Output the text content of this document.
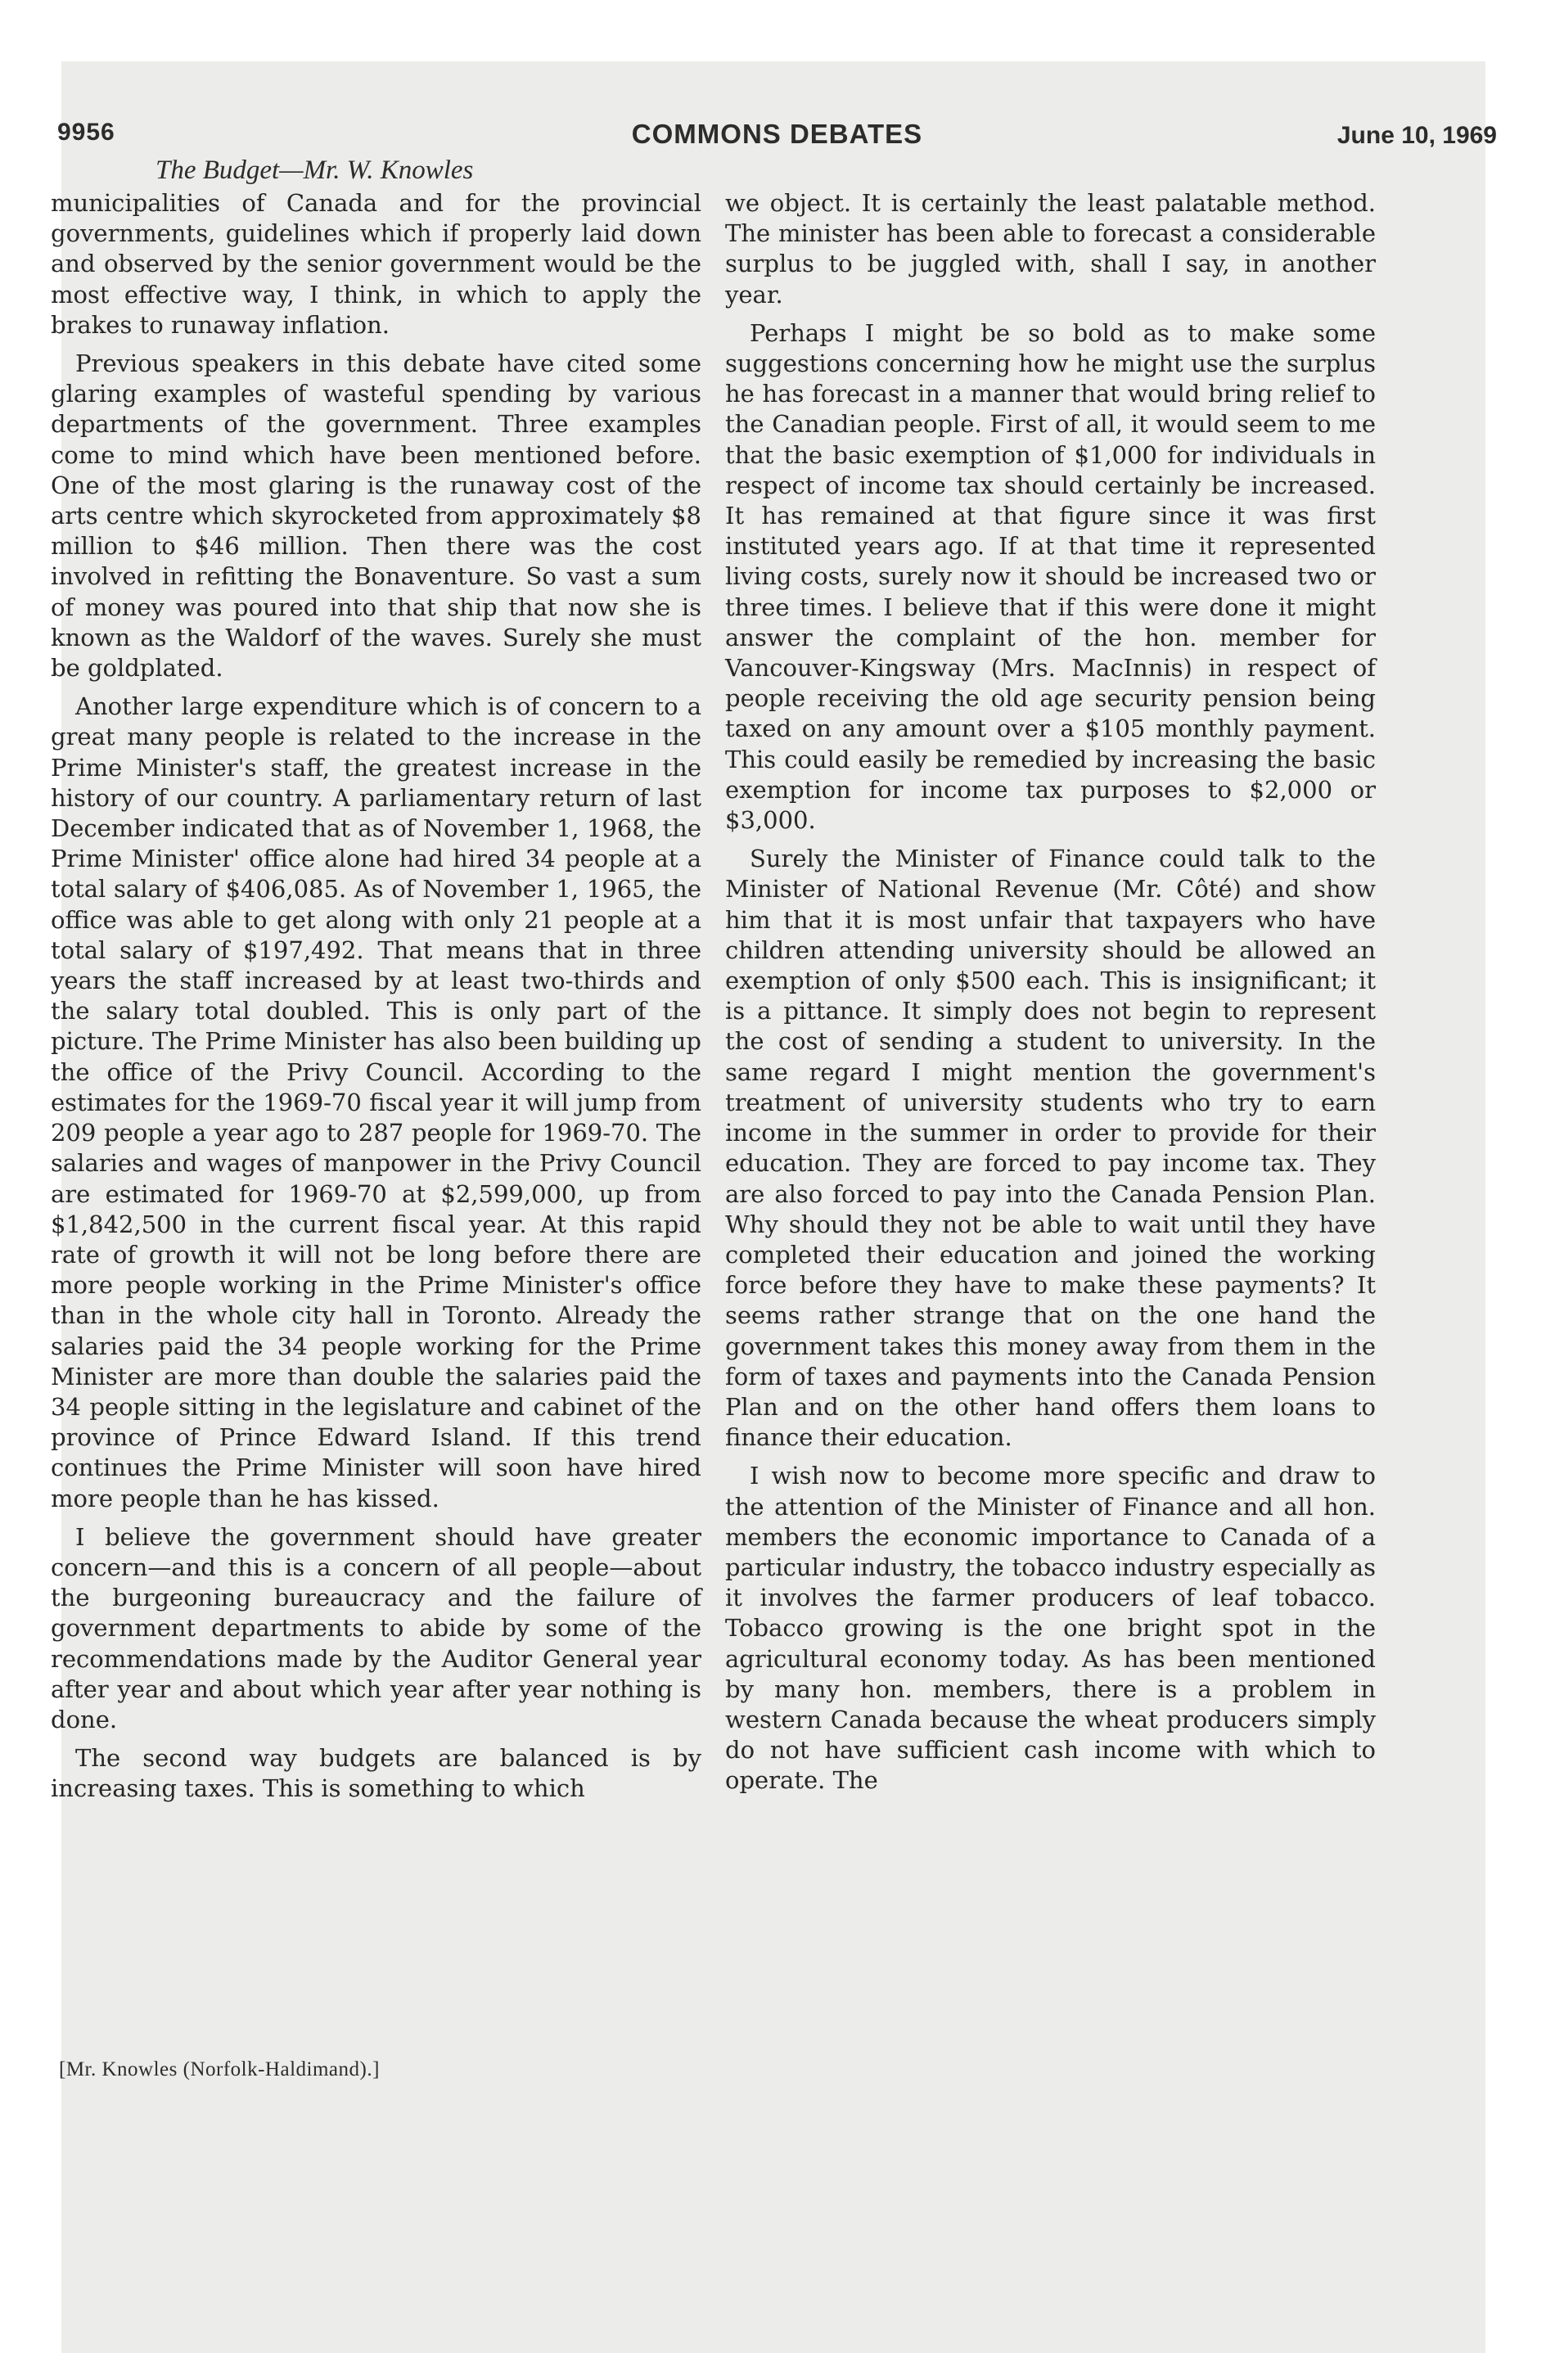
9956	COMMONS DEBATES	June 10, 1969
The Budget—Mr. W. Knowles

municipalities of Canada and for the provincial governments, guidelines which if properly laid down and observed by the senior government would be the most effective way, I think, in which to apply the brakes to runaway inflation.

Previous speakers in this debate have cited some glaring examples of wasteful spending by various departments of the government. Three examples come to mind which have been mentioned before. One of the most glaring is the runaway cost of the arts centre which skyrocketed from approximately $8 million to $46 million. Then there was the cost involved in refitting the Bonaventure. So vast a sum of money was poured into that ship that now she is known as the Waldorf of the waves. Surely she must be goldplated.

Another large expenditure which is of concern to a great many people is related to the increase in the Prime Minister's staff, the greatest increase in the history of our country. A parliamentary return of last December indicated that as of November 1, 1968, the Prime Minister' office alone had hired 34 people at a total salary of $406,085. As of November 1, 1965, the office was able to get along with only 21 people at a total salary of $197,492. That means that in three years the staff increased by at least two-thirds and the salary total doubled. This is only part of the picture. The Prime Minister has also been building up the office of the Privy Council. According to the estimates for the 1969-70 fiscal year it will jump from 209 people a year ago to 287 people for 1969-70. The salaries and wages of manpower in the Privy Council are estimated for 1969-70 at $2,599,000, up from $1,842,500 in the current fiscal year. At this rapid rate of growth it will not be long before there are more people working in the Prime Minister's office than in the whole city hall in Toronto. Already the salaries paid the 34 people working for the Prime Minister are more than double the salaries paid the 34 people sitting in the legislature and cabinet of the province of Prince Edward Island. If this trend continues the Prime Minister will soon have hired more people than he has kissed.

I believe the government should have greater concern—and this is a concern of all people—about the burgeoning bureaucracy and the failure of government departments to abide by some of the recommendations made by the Auditor General year after year and about which year after year nothing is done.

The second way budgets are balanced is by increasing taxes. This is something to which

[Mr. Knowles (Norfolk-Haldimand).]

we object. It is certainly the least palatable method. The minister has been able to forecast a considerable surplus to be juggled with, shall I say, in another year.

Perhaps I might be so bold as to make some suggestions concerning how he might use the surplus he has forecast in a manner that would bring relief to the Canadian people. First of all, it would seem to me that the basic exemption of $1,000 for individuals in respect of income tax should certainly be increased. It has remained at that figure since it was first instituted years ago. If at that time it represented living costs, surely now it should be increased two or three times. I believe that if this were done it might answer the complaint of the hon. member for Vancouver-Kingsway (Mrs. MacInnis) in respect of people receiving the old age security pension being taxed on any amount over a $105 monthly payment. This could easily be remedied by increasing the basic exemption for income tax purposes to $2,000 or $3,000.

Surely the Minister of Finance could talk to the Minister of National Revenue (Mr. Côté) and show him that it is most unfair that taxpayers who have children attending university should be allowed an exemption of only $500 each. This is insignificant; it is a pittance. It simply does not begin to represent the cost of sending a student to university. In the same regard I might mention the government's treatment of university students who try to earn income in the summer in order to provide for their education. They are forced to pay income tax. They are also forced to pay into the Canada Pension Plan. Why should they not be able to wait until they have completed their education and joined the working force before they have to make these payments? It seems rather strange that on the one hand the government takes this money away from them in the form of taxes and payments into the Canada Pension Plan and on the other hand offers them loans to finance their education.

I wish now to become more specific and draw to the attention of the Minister of Finance and all hon. members the economic importance to Canada of a particular industry, the tobacco industry especially as it involves the farmer producers of leaf tobacco. Tobacco growing is the one bright spot in the agricultural economy today. As has been mentioned by many hon. members, there is a problem in western Canada because the wheat producers simply do not have sufficient cash income with which to operate. The
